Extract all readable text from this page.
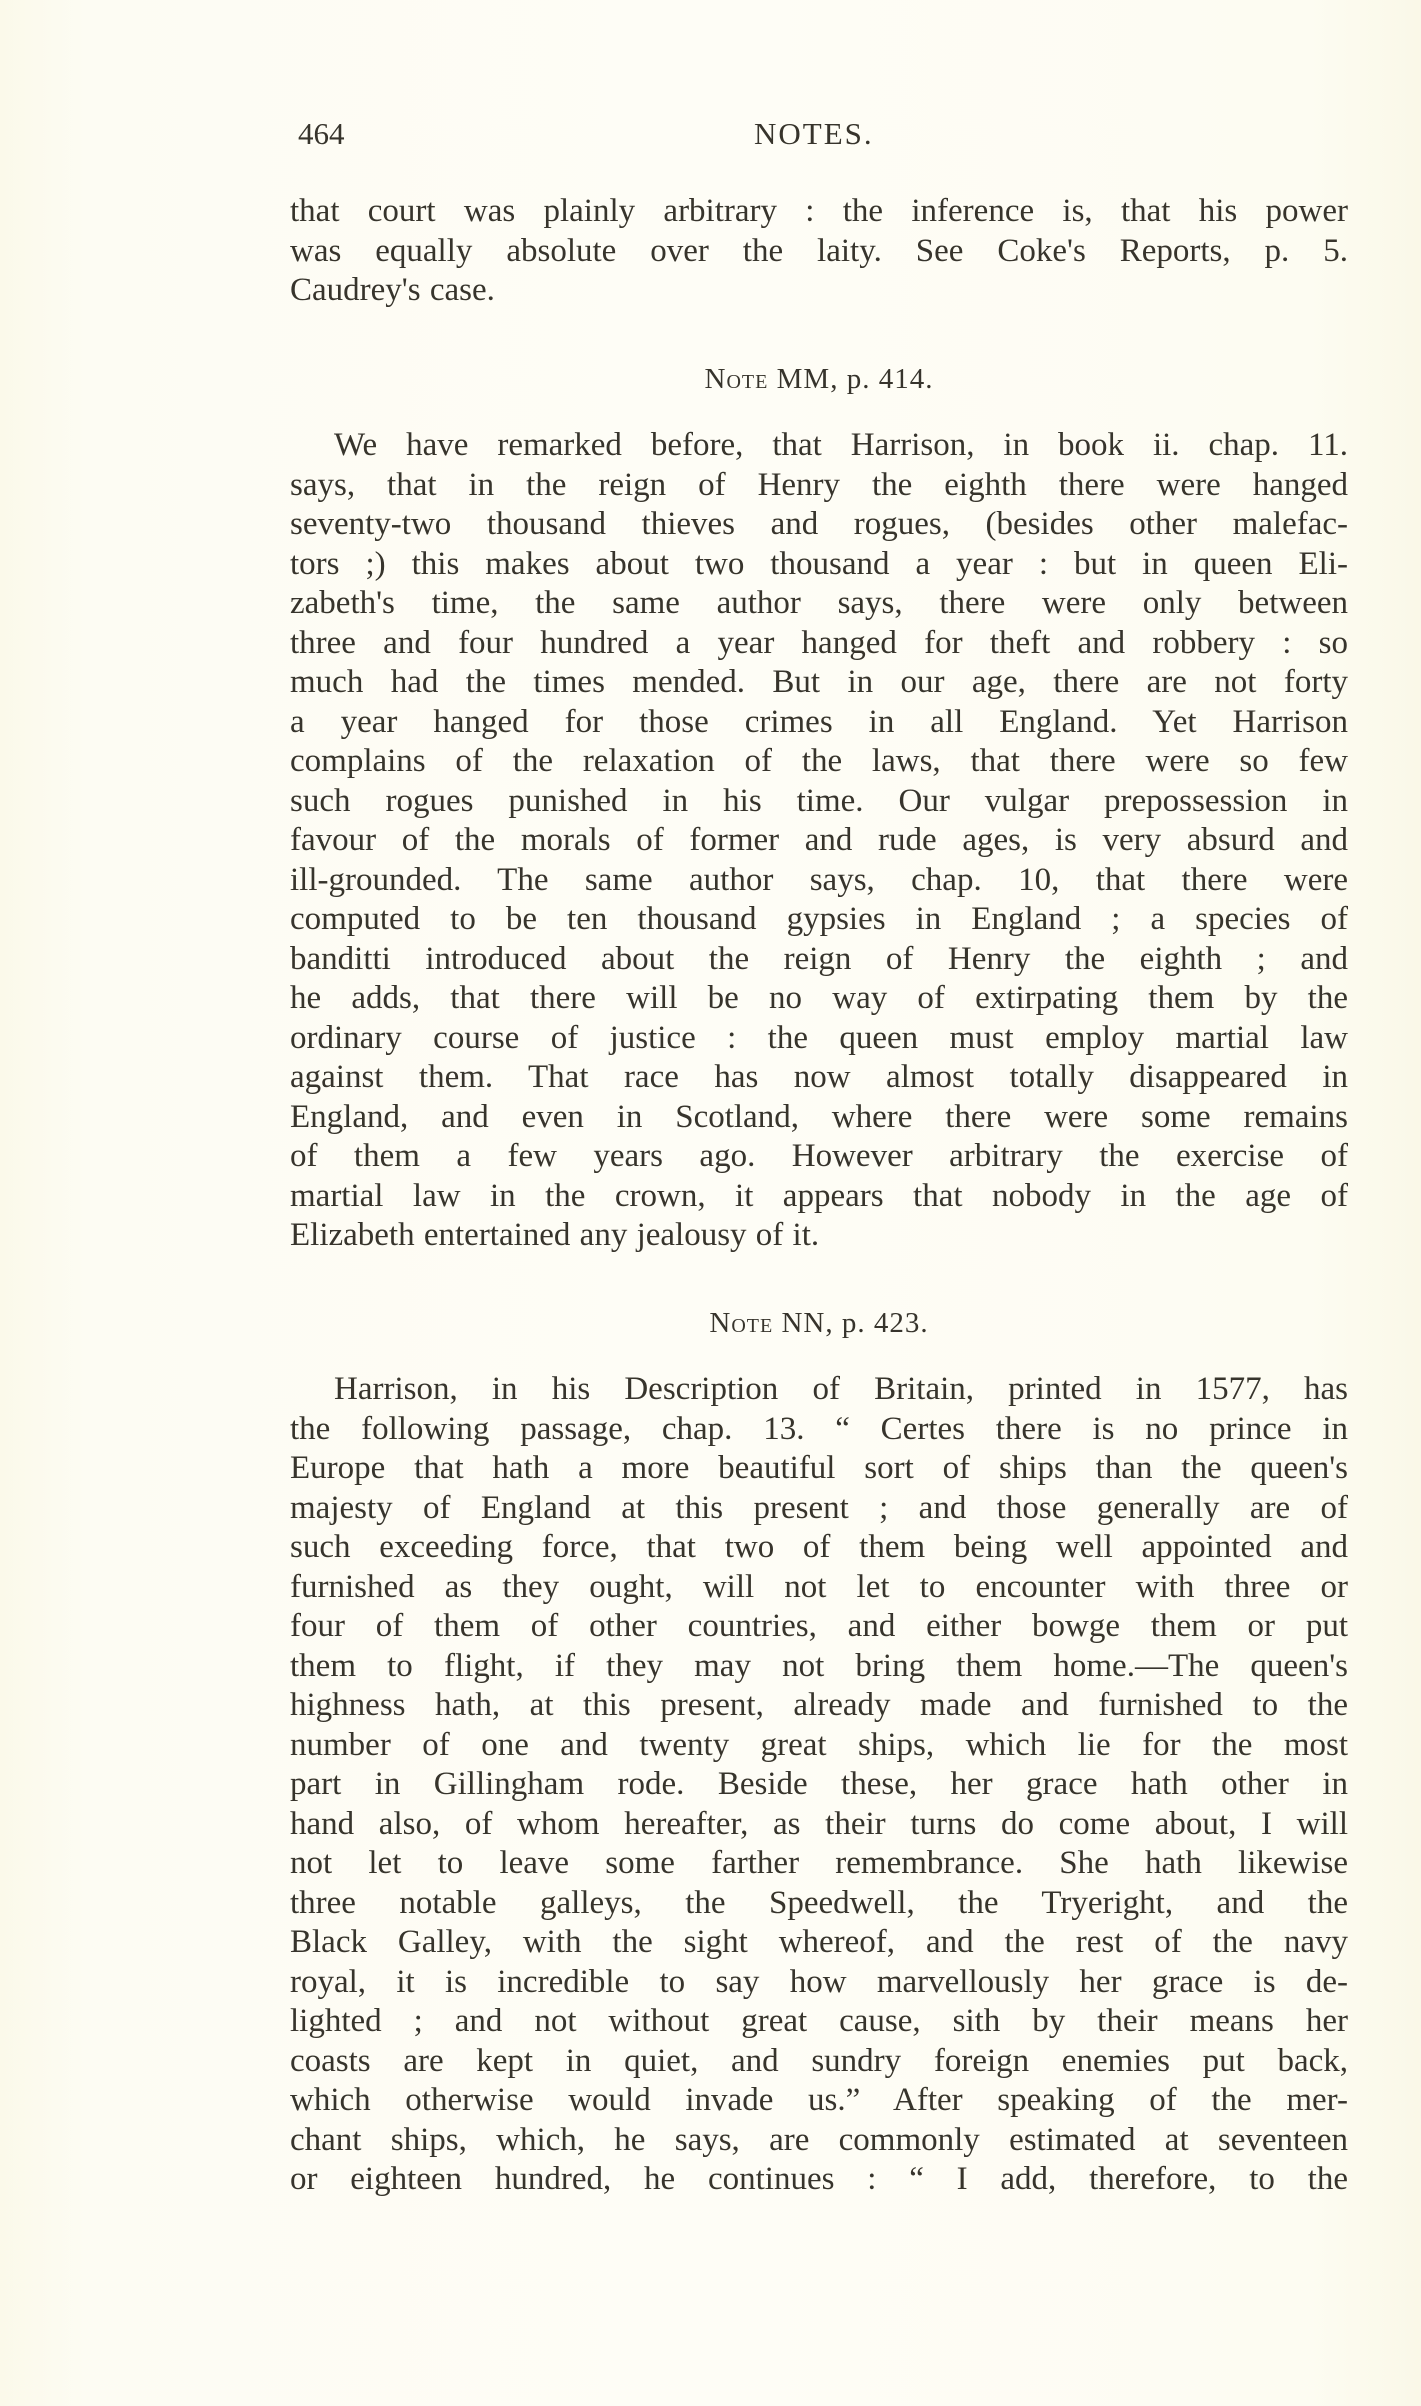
464	NOTES.
that court was plainly arbitrary : the inference is, that his power
was equally absolute over the laity. See Coke's Reports, p. 5.
Caudrey's case.
Note MM, p. 414.
We have remarked before, that Harrison, in book ii. chap. 11.
says, that in the reign of Henry the eighth there were hanged
seventy-two thousand thieves and rogues, (besides other malefac-
tors ;) this makes about two thousand a year : but in queen Eli-
zabeth's time, the same author says, there were only between
three and four hundred a year hanged for theft and robbery : so
much had the times mended. But in our age, there are not forty
a year hanged for those crimes in all England. Yet Harrison
complains of the relaxation of the laws, that there were so few
such rogues punished in his time. Our vulgar prepossession in
favour of the morals of former and rude ages, is very absurd and
ill-grounded. The same author says, chap. 10, that there were
computed to be ten thousand gypsies in England ; a species of
banditti introduced about the reign of Henry the eighth ; and
he adds, that there will be no way of extirpating them by the
ordinary course of justice : the queen must employ martial law
against them. That race has now almost totally disappeared in
England, and even in Scotland, where there were some remains
of them a few years ago. However arbitrary the exercise of
martial law in the crown, it appears that nobody in the age of
Elizabeth entertained any jealousy of it.
Note NN, p. 423.
Harrison, in his Description of Britain, printed in 1577, has
the following passage, chap. 13. “ Certes there is no prince in
Europe that hath a more beautiful sort of ships than the queen's
majesty of England at this present ; and those generally are of
such exceeding force, that two of them being well appointed and
furnished as they ought, will not let to encounter with three or
four of them of other countries, and either bowge them or put
them to flight, if they may not bring them home.—The queen's
highness hath, at this present, already made and furnished to the
number of one and twenty great ships, which lie for the most
part in Gillingham rode. Beside these, her grace hath other in
hand also, of whom hereafter, as their turns do come about, I will
not let to leave some farther remembrance. She hath likewise
three notable galleys, the Speedwell, the Tryeright, and the
Black Galley, with the sight whereof, and the rest of the navy
royal, it is incredible to say how marvellously her grace is de-
lighted ; and not without great cause, sith by their means her
coasts are kept in quiet, and sundry foreign enemies put back,
which otherwise would invade us.” After speaking of the mer-
chant ships, which, he says, are commonly estimated at seventeen
or eighteen hundred, he continues : “ I add, therefore, to the
